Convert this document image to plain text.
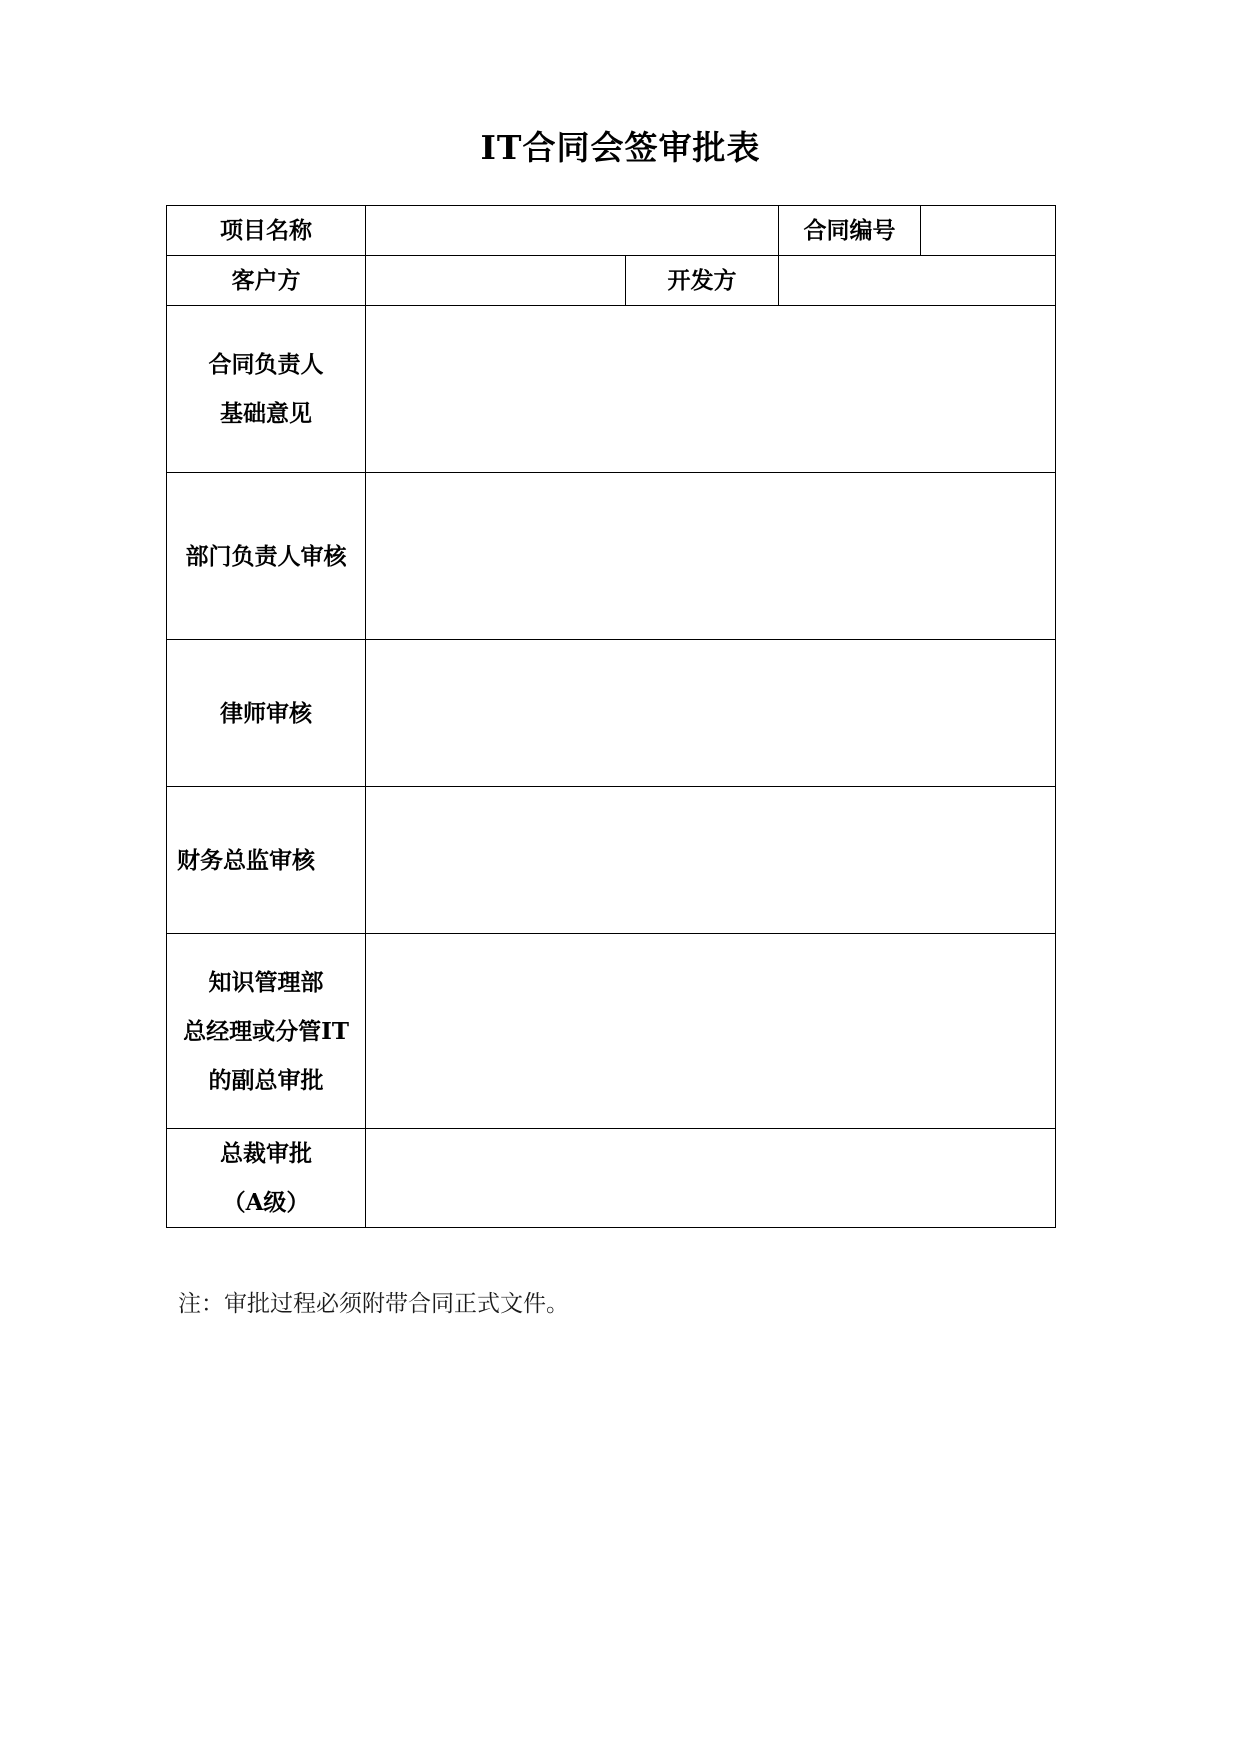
IT合同会签审批表
项目名称			合同编号	
客户方		开发方		

合同负责人
基础意见				

部门负责人审核				

律师审核				

财务总监审核				

知识管理部
总经理或分管IT
的副总审批				

总裁审批
（A级）				

注：审批过程必须附带合同正式文件。
